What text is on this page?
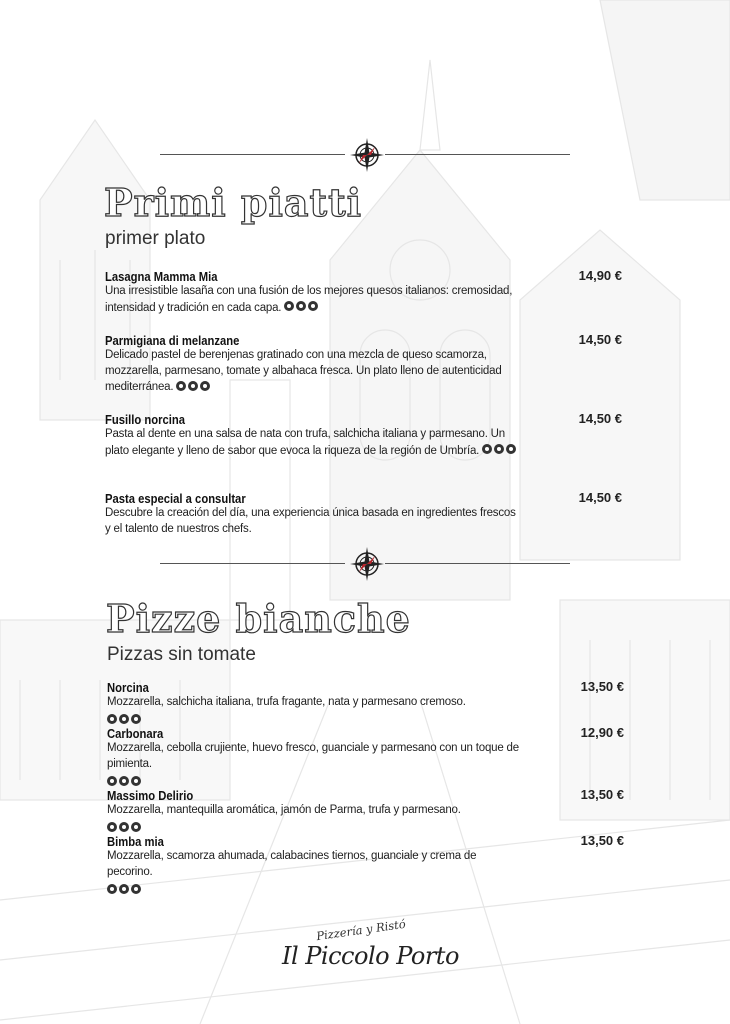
Primi piatti
primer plato
Lasagna Mamma Mia
Una irresistible lasaña con una fusión de los mejores quesos italianos: cremosidad, intensidad y tradición en cada capa.
14,90 €
Parmigiana di melanzane
Delicado pastel de berenjenas gratinado con una mezcla de queso scamorza, mozzarella, parmesano, tomate y albahaca fresca. Un plato lleno de autenticidad mediterránea.
14,50 €
Fusillo norcina
Pasta al dente en una salsa de nata con trufa, salchicha italiana y parmesano. Un plato elegante y lleno de sabor que evoca la riqueza de la región de Umbría.
14,50 €
Pasta especial a consultar
Descubre la creación del día, una experiencia única basada en ingredientes frescos y el talento de nuestros chefs.
14,50 €
Pizze bianche
Pizzas sin tomate
Norcina
Mozzarella, salchicha italiana, trufa fragante, nata y parmesano cremoso.
13,50 €
Carbonara
Mozzarella, cebolla crujiente, huevo fresco, guanciale y parmesano con un toque de pimienta.
12,90 €
Massimo Delirio
Mozzarella, mantequilla aromática, jamón de Parma, trufa y parmesano.
13,50 €
Bimba mia
Mozzarella, scamorza ahumada, calabacines tiernos, guanciale y crema de pecorino.
13,50 €
Pizzería y Ristó
Il Piccolo Porto
